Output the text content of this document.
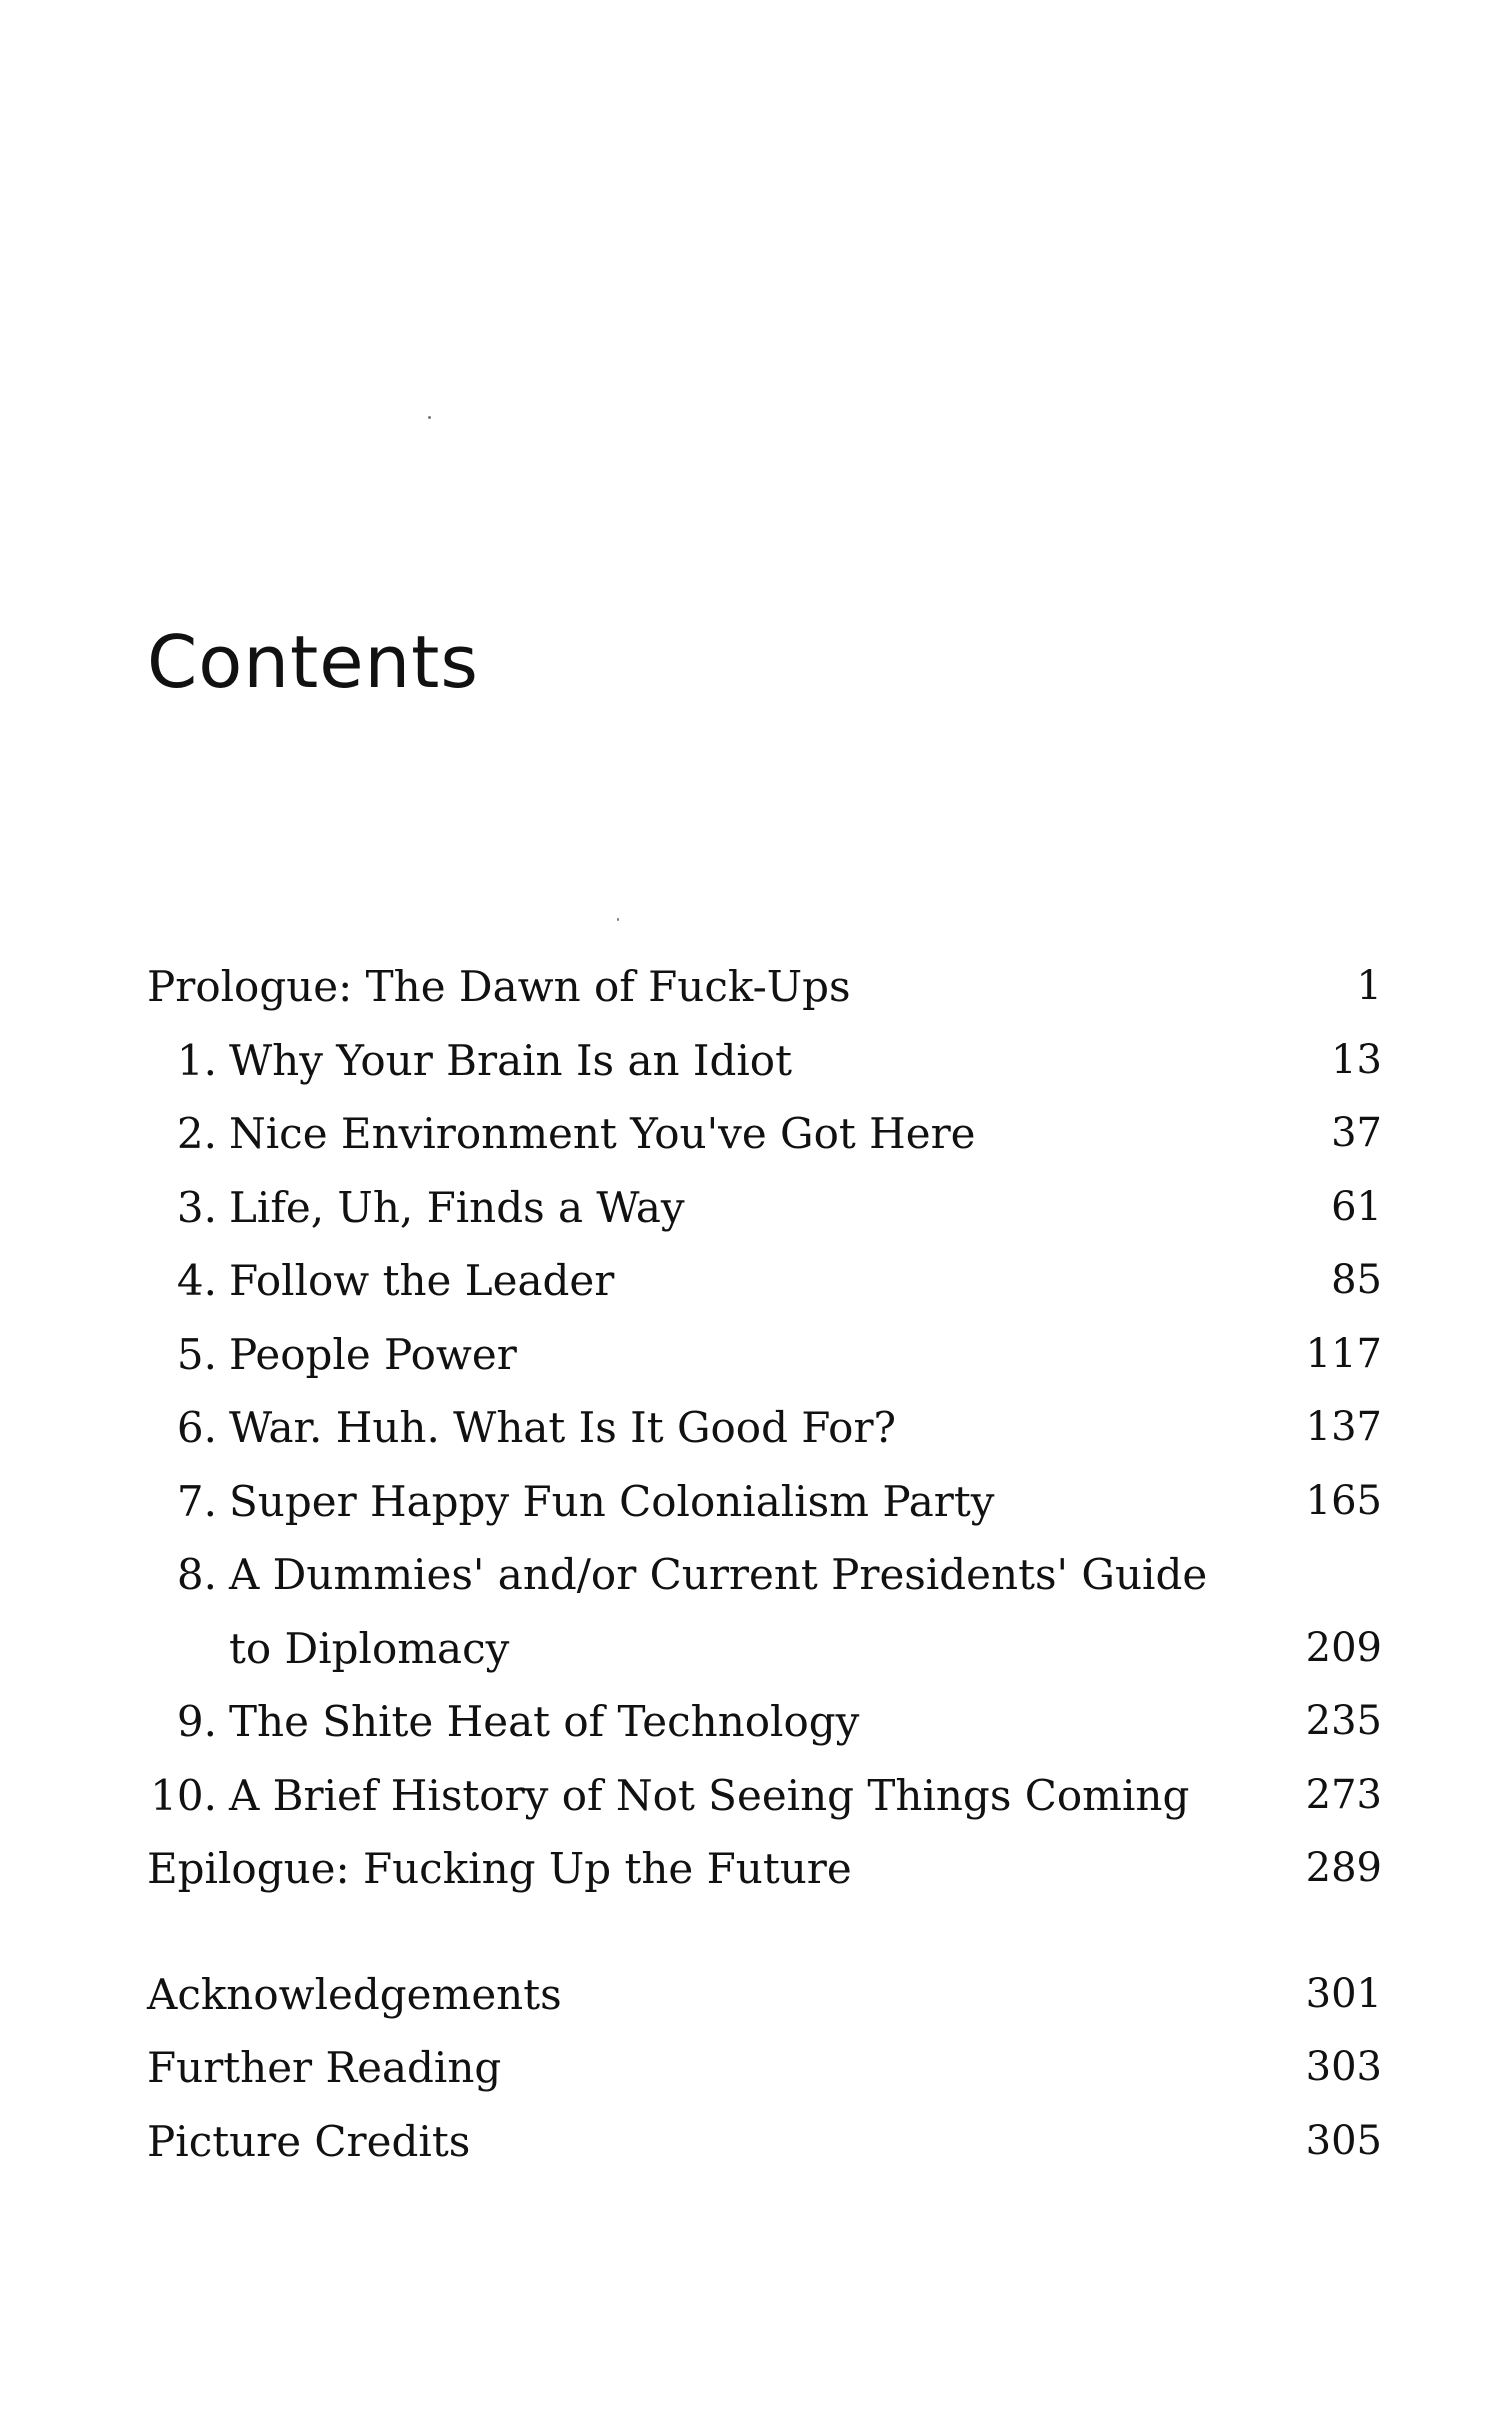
Contents
Prologue: The Dawn of Fuck-Ups	1
1. Why Your Brain Is an Idiot	13
2. Nice Environment You've Got Here	37
3. Life, Uh, Finds a Way	61
4. Follow the Leader	85
5. People Power	117
6. War. Huh. What Is It Good For?	137
7. Super Happy Fun Colonialism Party	165
8. A Dummies' and/or Current Presidents' Guide
to Diplomacy	209
9. The Shite Heat of Technology	235
10. A Brief History of Not Seeing Things Coming	273
Epilogue: Fucking Up the Future	289
Acknowledgements	301
Further Reading	303
Picture Credits	305
